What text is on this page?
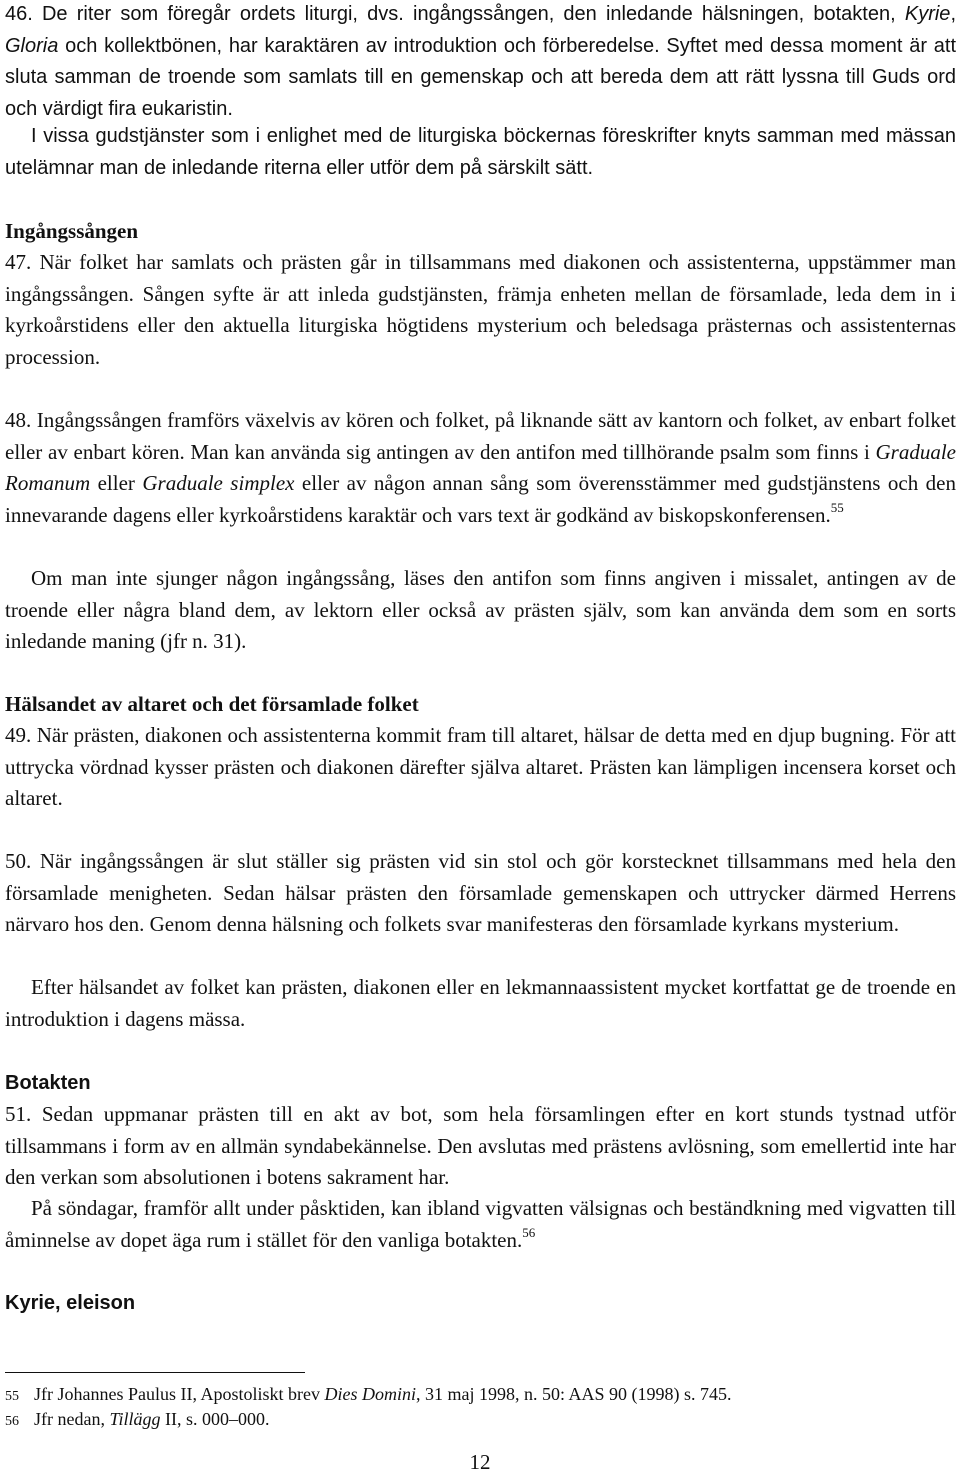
46. De riter som föregår ordets liturgi, dvs. ingångssången, den inledande hälsningen, botakten, Kyrie, Gloria och kollektbönen, har karaktären av introduktion och förberedelse. Syftet med dessa moment är att sluta samman de troende som samlats till en gemenskap och att bereda dem att rätt lyssna till Guds ord och värdigt fira eukaristin.

I vissa gudstjänster som i enlighet med de liturgiska böckernas föreskrifter knyts samman med mässan utelämnar man de inledande riterna eller utför dem på särskilt sätt.

Ingångssången

47. När folket har samlats och prästen går in tillsammans med diakonen och assistenterna, uppstämmer man ingångssången. Sången syfte är att inleda gudstjänsten, främja enheten mellan de församlade, leda dem in i kyrkoårstidens eller den aktuella liturgiska högtidens mysterium och beledsaga prästernas och assistenternas procession.

48. Ingångssången framförs växelvis av kören och folket, på liknande sätt av kantorn och folket, av enbart folket eller av enbart kören. Man kan använda sig antingen av den antifon med tillhörande psalm som finns i Graduale Romanum eller Graduale simplex eller av någon annan sång som överensstämmer med gudstjänstens och den innevarande dagens eller kyrkoårstidens karaktär och vars text är godkänd av biskopskonferensen.$^{55}$

Om man inte sjunger någon ingångssång, läses den antifon som finns angiven i missalet, antingen av de troende eller några bland dem, av lektorn eller också av prästen själv, som kan använda dem som en sorts inledande maning (jfr n. 31).

Hälsandet av altaret och det församlade folket

49. När prästen, diakonen och assistenterna kommit fram till altaret, hälsar de detta med en djup bugning. För att uttrycka vördnad kysser prästen och diakonen därefter själva altaret. Prästen kan lämpligen incensera korset och altaret.

50. När ingångssången är slut ställer sig prästen vid sin stol och gör korstecknet tillsammans med hela den församlade menigheten. Sedan hälsar prästen den församlade gemenskapen och uttrycker därmed Herrens närvaro hos den. Genom denna hälsning och folkets svar manifesteras den församlade kyrkans mysterium.

Efter hälsandet av folket kan prästen, diakonen eller en lekmannaassistent mycket kortfattat ge de troende en introduktion i dagens mässa.

Botakten

51. Sedan uppmanar prästen till en akt av bot, som hela församlingen efter en kort stunds tystnad utför tillsammans i form av en allmän syndabekännelse. Den avslutas med prästens avlösning, som emellertid inte har den verkan som absolutionen i botens sakrament har.

På söndagar, framför allt under påsktiden, kan ibland vigvatten välsignas och beständkning med vigvatten till åminnelse av dopet äga rum i stället för den vanliga botakten.$^{56}$

Kyrie, eleison

55 Jfr Johannes Paulus II, Apostoliskt brev Dies Domini, 31 maj 1998, n. 50: AAS 90 (1998) s. 745.

56 Jfr nedan, Tillägg II, s. 000–000.

12
